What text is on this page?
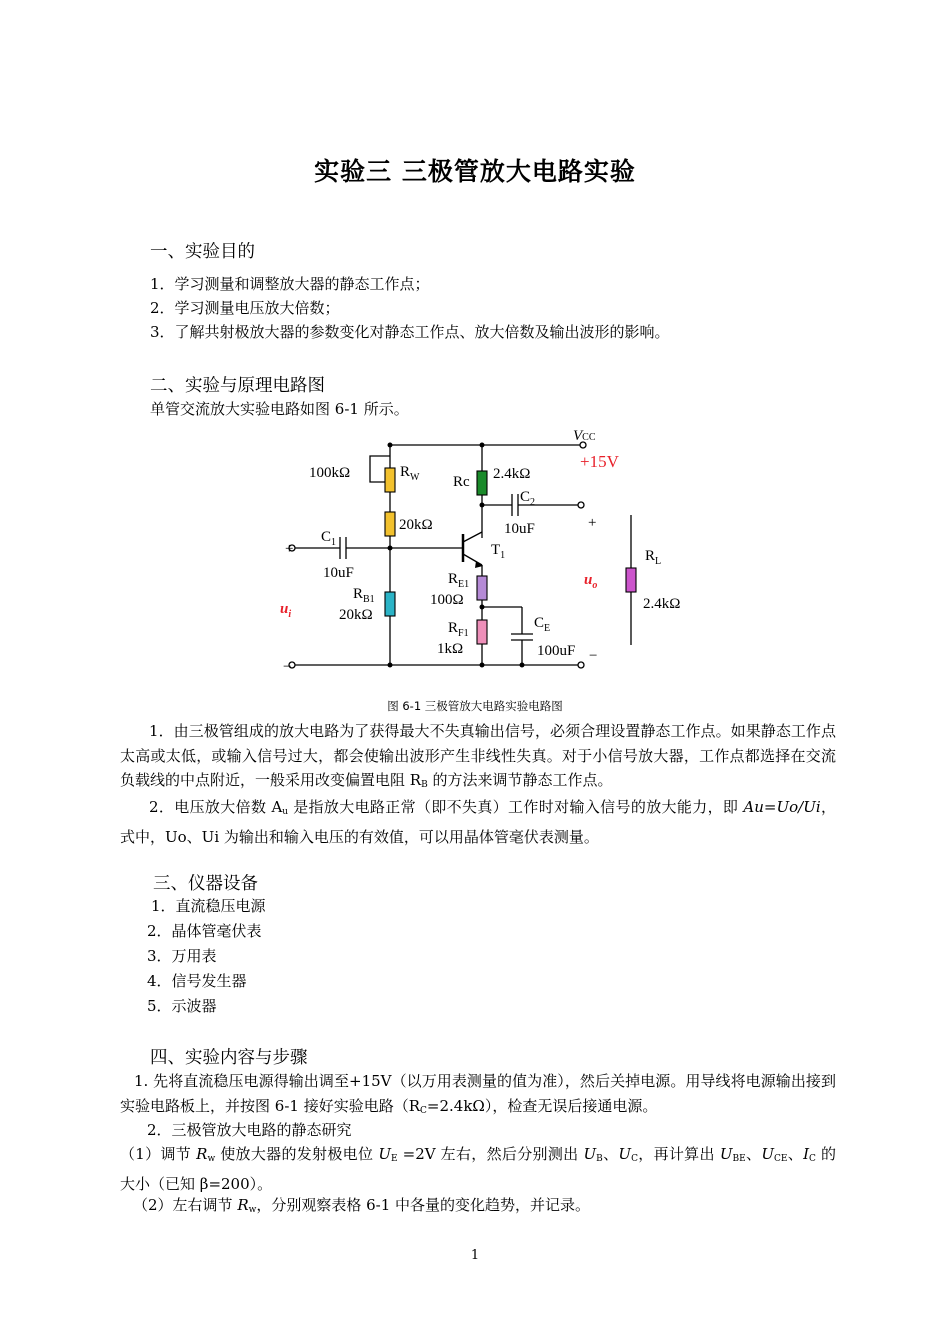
实验三 三极管放大电路实验
一、实验目的
1．学习测量和调整放大器的静态工作点；
2．学习测量电压放大倍数；
3．了解共射极放大器的参数变化对静态工作点、放大倍数及输出波形的影响。
二、实验与原理电路图
单管交流放大实验电路如图 6-1 所示。
VCC
100kΩ	$R_W$
20kΩ
Rc 2.4kΩ
$C_2$
10uF	+
+
$C_1$
10uF
$T_1$
$R_{B1}$
20kΩ
$R_{E1}$
100Ω
$R_{F1}$
1kΩ
$C_E$
100uF −
−
$R_L$
2.4kΩ
+15V
$u_i$
$u_o$
图 6-1 三极管放大电路实验电路图
1．由三极管组成的放大电路为了获得最大不失真输出信号，必须合理设置静态工作点。如果静态工作点太高或太低，或输入信号过大，都会使输出波形产生非线性失真。对于小信号放大器，工作点都选择在交流负载线的中点附近，一般采用改变偏置电阻 $R_B$ 的方法来调节静态工作点。
2．电压放大倍数 $A_u$ 是指放大电路正常（即不失真）工作时对输入信号的放大能力，即 Au=Uo/Ui，式中，Uo、Ui 为输出和输入电压的有效值，可以用晶体管毫伏表测量。
三、仪器设备
1．直流稳压电源
2．晶体管毫伏表
3．万用表
4．信号发生器
5．示波器
四、实验内容与步骤
1. 先将直流稳压电源得输出调至+15V（以万用表测量的值为准），然后关掉电源。用导线将电源输出接到实验电路板上，并按图 6-1 接好实验电路$(R_C=2.4k\Omega)$，检查无误后接通电源。
2．三极管放大电路的静态研究
（1）调节 $R_w$ 使放大器的发射极电位 $U_E =2V$ 左右，然后分别测出 $U_B$、$U_C$，再计算出 $U_{BE}$、$U_{CE}$、$I_C$ 的大小（已知 β=200）。
（2）左右调节 $R_w$，分别观察表格 6-1 中各量的变化趋势，并记录。
1
